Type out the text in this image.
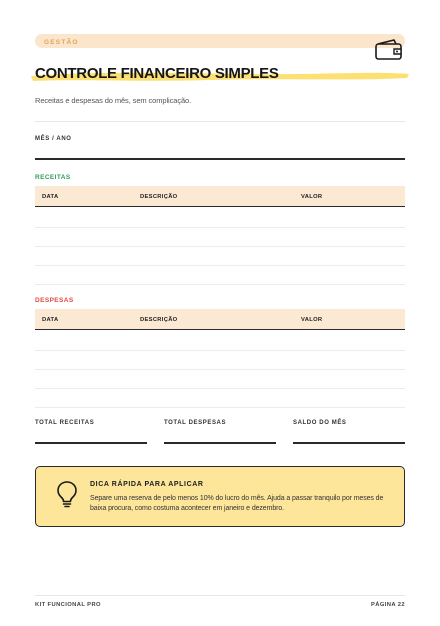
GESTÃO
CONTROLE FINANCEIRO SIMPLES

Receitas e despesas do mês, sem complicação.

MÊS / ANO
RECEITAS
DATA	DESCRIÇÃO	VALOR
DESPESAS
DATA	DESCRIÇÃO	VALOR
TOTAL RECEITAS	TOTAL DESPESAS	SALDO DO MÊS
DICA RÁPIDA PARA APLICAR

Separe uma reserva de pelo menos 10% do lucro do mês. Ajuda a passar tranquilo por meses de baixa procura, como costuma acontecer em janeiro e dezembro.

KIT FUNCIONAL PRO	PÁGINA 22
